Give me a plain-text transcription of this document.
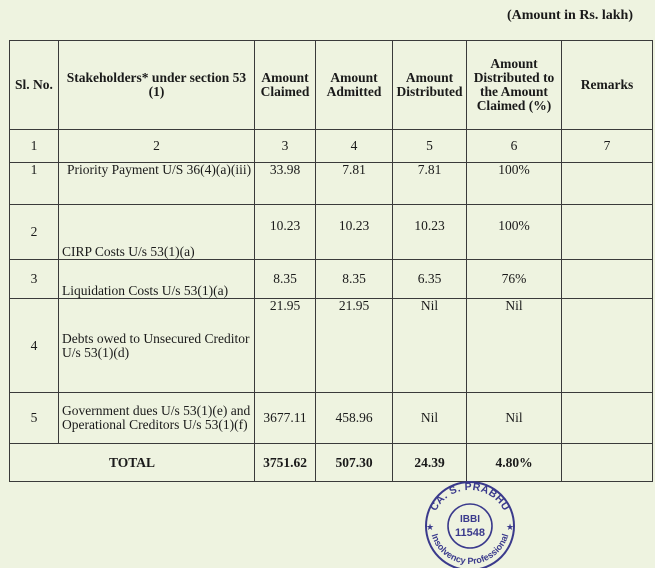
(Amount in Rs. lakh)
Sl. No.	Stakeholders* under section 53 (1)	Amount Claimed	Amount Admitted	Amount Distributed	Amount Distributed to the Amount Claimed (%)	Remarks
1	2	3	4	5	6	7
1	Priority Payment U/S 36(4)(a)(iii)	33.98	7.81	7.81	100%	
2	CIRP Costs U/s 53(1)(a)	10.23	10.23	10.23	100%	
3	Liquidation Costs U/s 53(1)(a)	8.35	8.35	6.35	76%	
4	Debts owed to Unsecured Creditor U/s 53(1)(d)	21.95	21.95	Nil	Nil	
5	Government dues U/s 53(1)(e) and Operational Creditors U/s 53(1)(f)	3677.11	458.96	Nil	Nil	
TOTAL		3751.62	507.30	24.39	4.80%	
★	★
CA. S. PRABHU
Insolvency Professional
IBBI
11548
